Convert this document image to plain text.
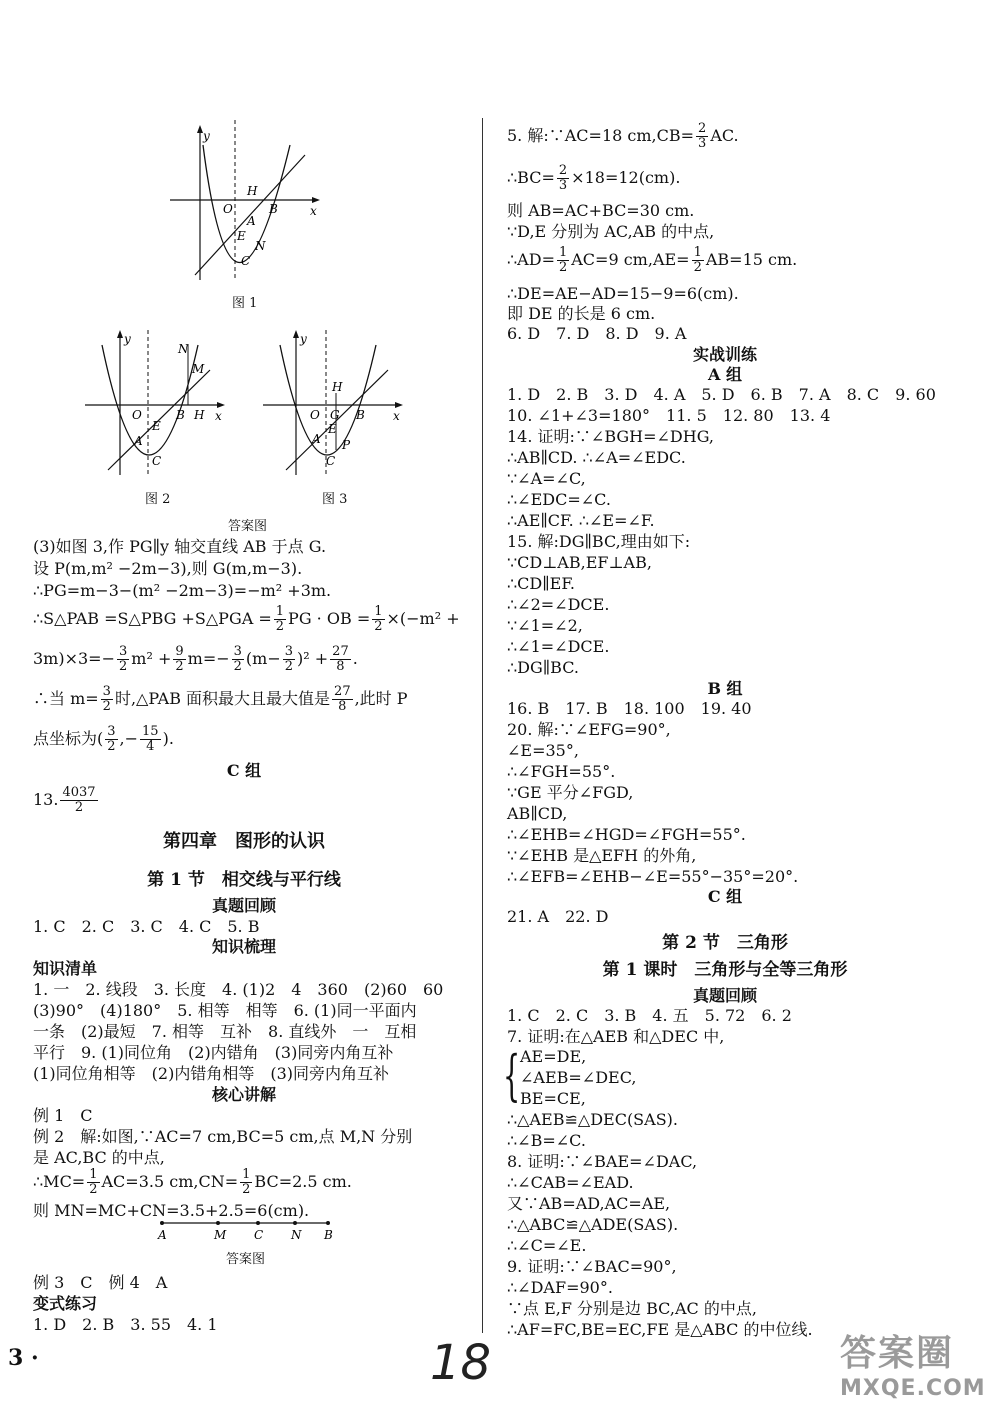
y
x
O
H
B
A
E
N
C
图 1
y
x
O	B H
N
M
E
A
C
图 2
y
x
O
H
G B
E
A P
C
图 3
答案图
(3)如图 3,作 PG∥y 轴交直线 AB 于点 G.
设 P(m,m² −2m−3),则 G(m,m−3).
∴PG=m−3−(m² −2m−3)=−m² +3m.
∴S△PAB =S△PBG +S△PGA = $\frac{1}{2}$ PG · OB = $\frac{1}{2} \times(-m^2$ +
$3m)\times 3=- \frac{3}{2} m^2 + \frac{9}{2} m=- \frac{3}{2} (m- \frac{3}{2} )^2 + \frac{27}{8}$ .
∴当 $m= \frac{3}{2}$ 时,△PAB 面积最大且最大值是 $\frac{27}{8}$ ,此时 P
点坐标为( $\frac{3}{2}$ ,− $\frac{15}{4}$ ).
C 组
13. $\frac{4037}{2}$
第四章　图形的认识
第 1 节　相交线与平行线
真题回顾
1. C　2. C　3. C　4. C　5. B
知识梳理
知识清单
1. 一　2. 线段　3. 长度　4. (1)2　4　360　(2)60　60
(3)90°　(4)180°　5. 相等　相等　6. (1)同一平面内
一条　(2)最短　7. 相等　互补　8. 直线外　一　互相
平行　9. (1)同位角　(2)内错角　(3)同旁内角互补
(1)同位角相等　(2)内错角相等　(3)同旁内角互补
核心讲解
例 1　C
例 2　解:如图,∵AC=7 cm,BC=5 cm,点 M,N 分别
是 AC,BC 的中点,
∴MC= $\frac{1}{2} AC=3.5$ $cm,CN= \frac{1}{2} BC=2.5$ cm.
则 MN=MC+CN=3.5+2.5=6(cm).
A	M C N B
答案图
例 3　C　例 4　A
变式练习
1. D　2. B　3. 55　4. 1
5. 解:∵AC=18 $cm,CB= \frac{2}{3}$ AC.
∴BC= $\frac{2}{3} \times 18=12(cm)$.
则 AB=AC+BC=30 cm.
∵D,E 分别为 AC,AB 的中点,
∴AD= $\frac{1}{2} AC=9$ $cm,AE= \frac{1}{2} AB=15$ cm.
∴DE=AE−AD=15−9=6(cm).
即 DE 的长是 6 cm.
6. D　7. D　8. D　9. A
实战训练
A 组
1. D　2. B　3. D　4. A　5. D　6. B　7. A　8. C　9. 60
10. ∠1+∠3=180°　11. 5　12. 80　13. 4
14. 证明:∵∠BGH=∠DHG,
∴AB∥CD. ∴∠A=∠EDC.
∵∠A=∠C,
∴∠EDC=∠C.
∴AE∥CF. ∴∠E=∠F.
15. 解:DG∥BC,理由如下:
∵CD⊥AB,EF⊥AB,
∴CD∥EF.
∴∠2=∠DCE.
∵∠1=∠2,
∴∠1=∠DCE.
∴DG∥BC.
B 组
16. B　17. B　18. 100　19. 40
20. 解:∵∠EFG=90°,
∠E=35°,
∴∠FGH=55°.
∵GE 平分∠FGD,
AB∥CD,
∴∠EHB=∠HGD=∠FGH=55°.
∵∠EHB 是△EFH 的外角,
∴∠EFB=∠EHB−∠E=55°−35°=20°.
C 组
21. A　22. D
第 2 节　三角形
第 1 课时　三角形与全等三角形
真题回顾
1. C　2. C　3. B　4. 五　5. 72　6. 2
7. 证明:在△AEB 和△DEC 中,
{ AE=DE,
∠AEB=∠DEC,
BE=CE,
∴△AEB≌△DEC(SAS).
∴∠B=∠C.
8. 证明:∵∠BAE=∠DAC,
∴∠CAB=∠EAD.
又∵AB=AD,AC=AE,
∴△ABC≌△ADE(SAS).
∴∠C=∠E.
9. 证明:∵∠BAC=90°,
∴∠DAF=90°.
∵点 E,F 分别是边 BC,AC 的中点,
∴AF=FC,BE=EC,FE 是△ABC 的中位线.
3 ·	18	答案圈
MXQE.COM
